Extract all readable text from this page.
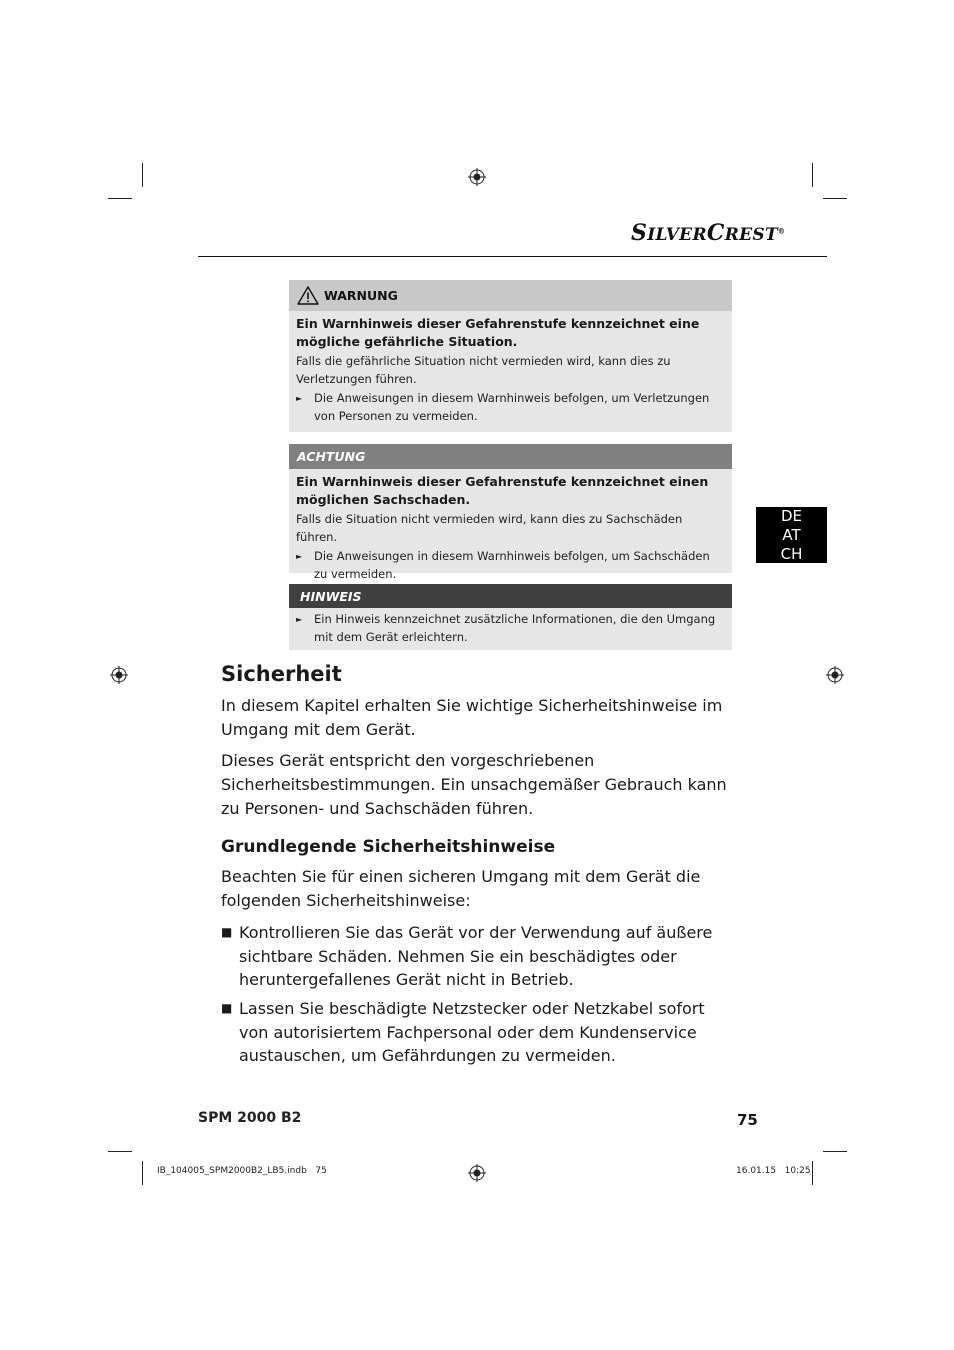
SILVERCREST®
WARNUNG
Ein Warnhinweis dieser Gefahrenstufe kennzeichnet eine mögliche gefährliche Situation.
Falls die gefährliche Situation nicht vermieden wird, kann dies zu Verletzungen führen.
►	Die Anweisungen in diesem Warnhinweis befolgen, um Verletzungen von Personen zu vermeiden.
ACHTUNG
Ein Warnhinweis dieser Gefahrenstufe kennzeichnet einen möglichen Sachschaden.
Falls die Situation nicht vermieden wird, kann dies zu Sachschäden führen.
►	Die Anweisungen in diesem Warnhinweis befolgen, um Sachschäden zu vermeiden.
HINWEIS
►	Ein Hinweis kennzeichnet zusätzliche Informationen, die den Umgang mit dem Gerät erleichtern.
DE
AT
CH
Sicherheit
In diesem Kapitel erhalten Sie wichtige Sicherheitshinweise im Umgang mit dem Gerät.
Dieses Gerät entspricht den vorgeschriebenen Sicherheitsbestimmungen. Ein unsachgemäßer Gebrauch kann zu Personen- und Sachschäden führen.
Grundlegende Sicherheitshinweise
Beachten Sie für einen sicheren Umgang mit dem Gerät die folgenden Sicherheitshinweise:
■ Kontrollieren Sie das Gerät vor der Verwendung auf äußere sichtbare Schäden. Nehmen Sie ein beschädigtes oder heruntergefallenes Gerät nicht in Betrieb.
■ Lassen Sie beschädigte Netzstecker oder Netzkabel sofort von autorisiertem Fachpersonal oder dem Kundenservice austauschen, um Gefährdungen zu vermeiden.
SPM 2000 B2	75
IB_104005_SPM2000B2_LB5.indb   75	16.01.15   10:25
